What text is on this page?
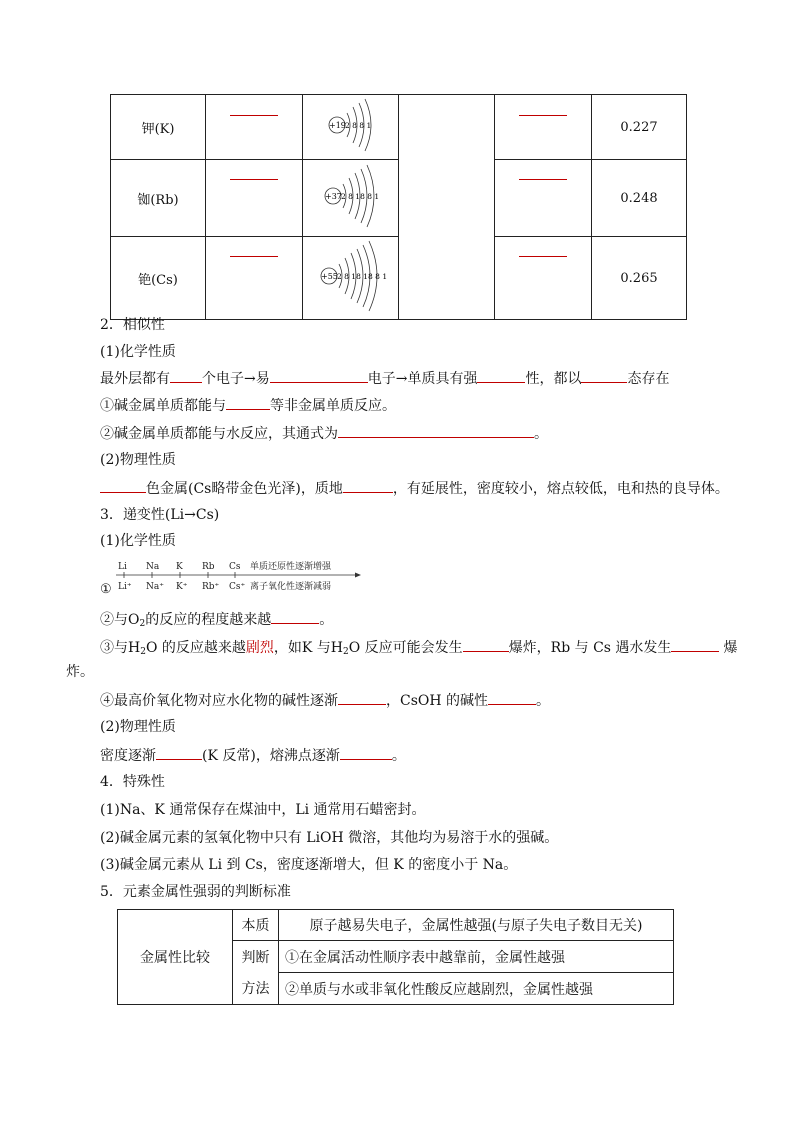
钾(K)		+19 2 8 8 1			0.227
铷(Rb)		+37 2 8 18 8 1			0.248
铯(Cs)		+55 2 8 18 18 8 1			0.265
2．相似性
(1)化学性质
最外层都有 个电子→易	电子→单质具有强	性，都以	态存在
①碱金属单质都能与	等非金属单质反应。
②碱金属单质都能与水反应，其通式为	。
(2)物理性质
色金属(Cs略带金色光泽)，质地	，有延展性，密度较小，熔点较低，电和热的良导体。
3．递变性(Li→Cs)
(1)化学性质
①
Li Na K Rb Cs 单质还原性逐渐增强
Li⁺ Na⁺ K⁺ Rb⁺ Cs⁺ 离子氧化性逐渐减弱
②与$O_2$的反应的程度越来越	。
③与$H_2O$ 的反应越来越剧烈，如K 与$H_2O$ 反应可能会发生	爆炸，Rb 与 Cs 遇水发生	爆
炸。
④最高价氧化物对应水化物的碱性逐渐	，CsOH 的碱性	。
(2)物理性质
密度逐渐	(K 反常)，熔沸点逐渐	。
4．特殊性
(1)Na、K 通常保存在煤油中，Li 通常用石蜡密封。
(2)碱金属元素的氢氧化物中只有 LiOH 微溶，其他均为易溶于水的强碱。
(3)碱金属元素从 Li 到 Cs，密度逐渐增大，但 K 的密度小于 Na。
5．元素金属性强弱的判断标准
金属性比较	本质	原子越易失电子，金属性越强(与原子失电子数目无关)
	判断	①在金属活动性顺序表中越靠前，金属性越强
	方法	②单质与水或非氧化性酸反应越剧烈，金属性越强
